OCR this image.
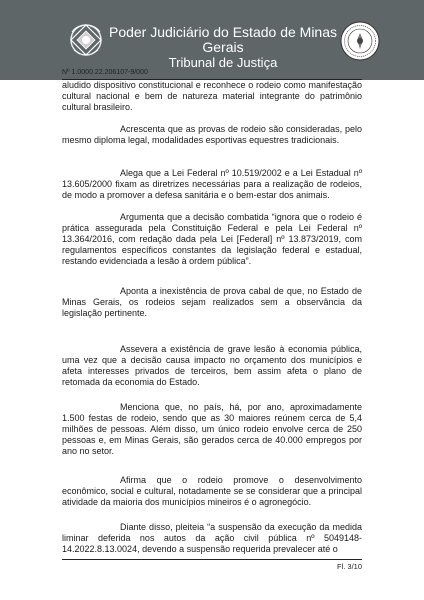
Poder Judiciário do Estado de Minas Gerais
Tribunal de Justiça
Nº 1.0000.22.206107-9/000

aludido dispositivo constitucional e reconhece o rodeio como manifestação cultural nacional e bem de natureza material integrante do patrimônio cultural brasileiro.

Acrescenta que as provas de rodeio são consideradas, pelo mesmo diploma legal, modalidades esportivas equestres tradicionais.

Alega que a Lei Federal nº 10.519/2002 e a Lei Estadual nº 13.605/2000 fixam as diretrizes necessárias para a realização de rodeios, de modo a promover a defesa sanitária e o bem-estar dos animais.

Argumenta que a decisão combatida “ignora que o rodeio é prática assegurada pela Constituição Federal e pela Lei Federal nº 13.364/2016, com redação dada pela Lei [Federal] nº 13.873/2019, com regulamentos específicos constantes da legislação federal e estadual, restando evidenciada a lesão à ordem pública”.

Aponta a inexistência de prova cabal de que, no Estado de Minas Gerais, os rodeios sejam realizados sem a observância da legislação pertinente.

Assevera a existência de grave lesão à economia pública, uma vez que a decisão causa impacto no orçamento dos municípios e afeta interesses privados de terceiros, bem assim afeta o plano de retomada da economia do Estado.

Menciona que, no país, há, por ano, aproximadamente 1.500 festas de rodeio, sendo que as 30 maiores reúnem cerca de 5,4 milhões de pessoas. Além disso, um único rodeio envolve cerca de 250 pessoas e, em Minas Gerais, são gerados cerca de 40.000 empregos por ano no setor.

Afirma que o rodeio promove o desenvolvimento econômico, social e cultural, notadamente se se considerar que a principal atividade da maioria dos municípios mineiros é o agronegócio.

Diante disso, pleiteia “a suspensão da execução da medida liminar deferida nos autos da ação civil pública nº 5049148-14.2022.8.13.0024, devendo a suspensão requerida prevalecer até o

Fl. 3/10
